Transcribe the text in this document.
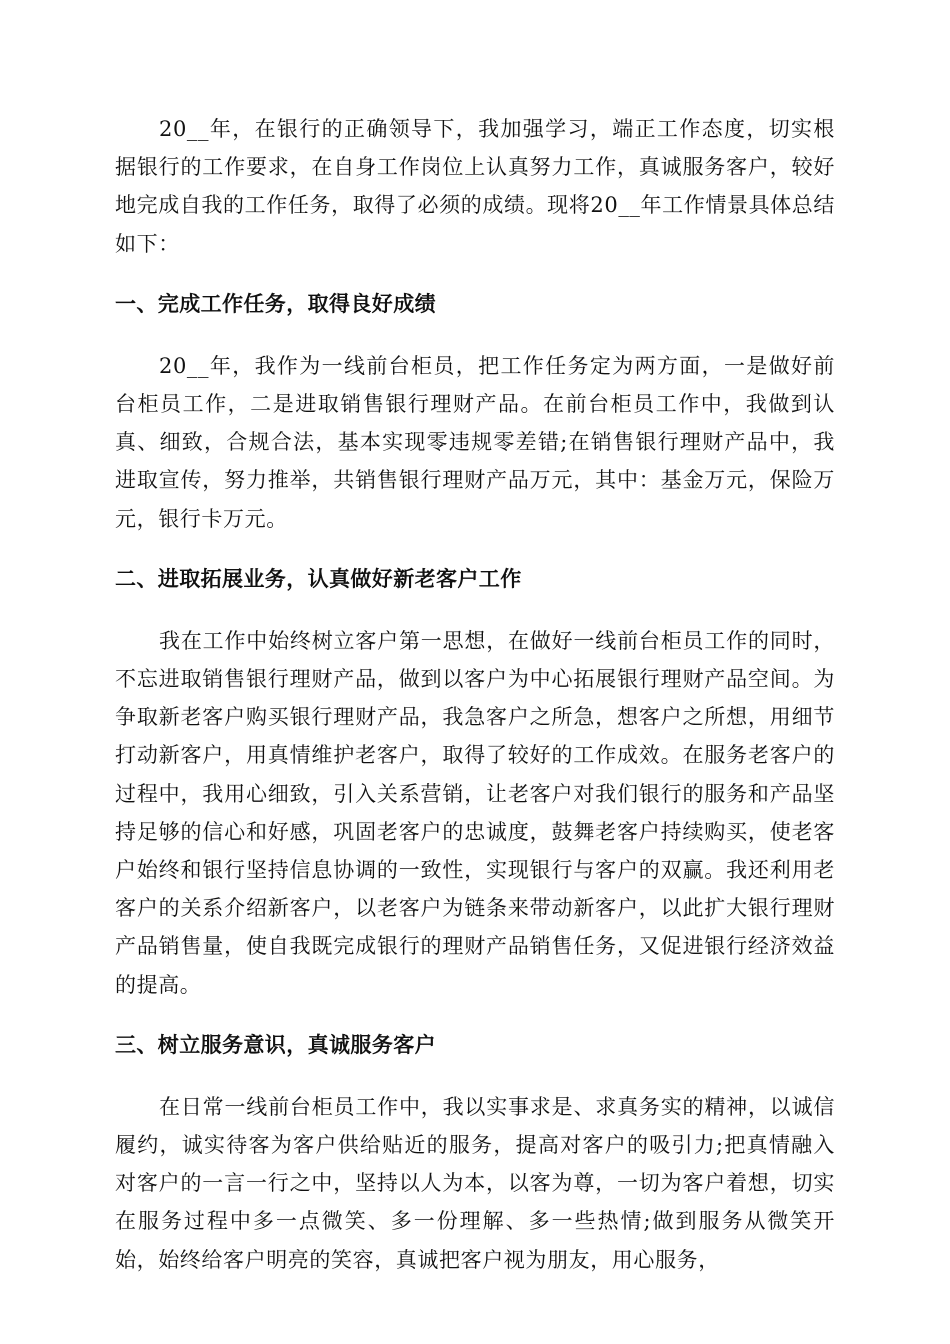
20__年，在银行的正确领导下，我加强学习，端正工作态度，切实根据银行的工作要求，在自身工作岗位上认真努力工作，真诚服务客户，较好地完成自我的工作任务，取得了必须的成绩。现将20__年工作情景具体总结如下：

一、完成工作任务，取得良好成绩

20__年，我作为一线前台柜员，把工作任务定为两方面，一是做好前台柜员工作，二是进取销售银行理财产品。在前台柜员工作中，我做到认真、细致，合规合法，基本实现零违规零差错;在销售银行理财产品中，我进取宣传，努力推举，共销售银行理财产品万元，其中：基金万元，保险万元，银行卡万元。

二、进取拓展业务，认真做好新老客户工作

我在工作中始终树立客户第一思想，在做好一线前台柜员工作的同时，不忘进取销售银行理财产品，做到以客户为中心拓展银行理财产品空间。为争取新老客户购买银行理财产品，我急客户之所急，想客户之所想，用细节打动新客户，用真情维护老客户，取得了较好的工作成效。在服务老客户的过程中，我用心细致，引入关系营销，让老客户对我们银行的服务和产品坚持足够的信心和好感，巩固老客户的忠诚度，鼓舞老客户持续购买，使老客户始终和银行坚持信息协调的一致性，实现银行与客户的双赢。我还利用老客户的关系介绍新客户，以老客户为链条来带动新客户，以此扩大银行理财产品销售量，使自我既完成银行的理财产品销售任务，又促进银行经济效益的提高。

三、树立服务意识，真诚服务客户

在日常一线前台柜员工作中，我以实事求是、求真务实的精神，以诚信履约，诚实待客为客户供给贴近的服务，提高对客户的吸引力;把真情融入对客户的一言一行之中，坚持以人为本，以客为尊，一切为客户着想，切实在服务过程中多一点微笑、多一份理解、多一些热情;做到服务从微笑开始，始终给客户明亮的笑容，真诚把客户视为朋友，用心服务，
